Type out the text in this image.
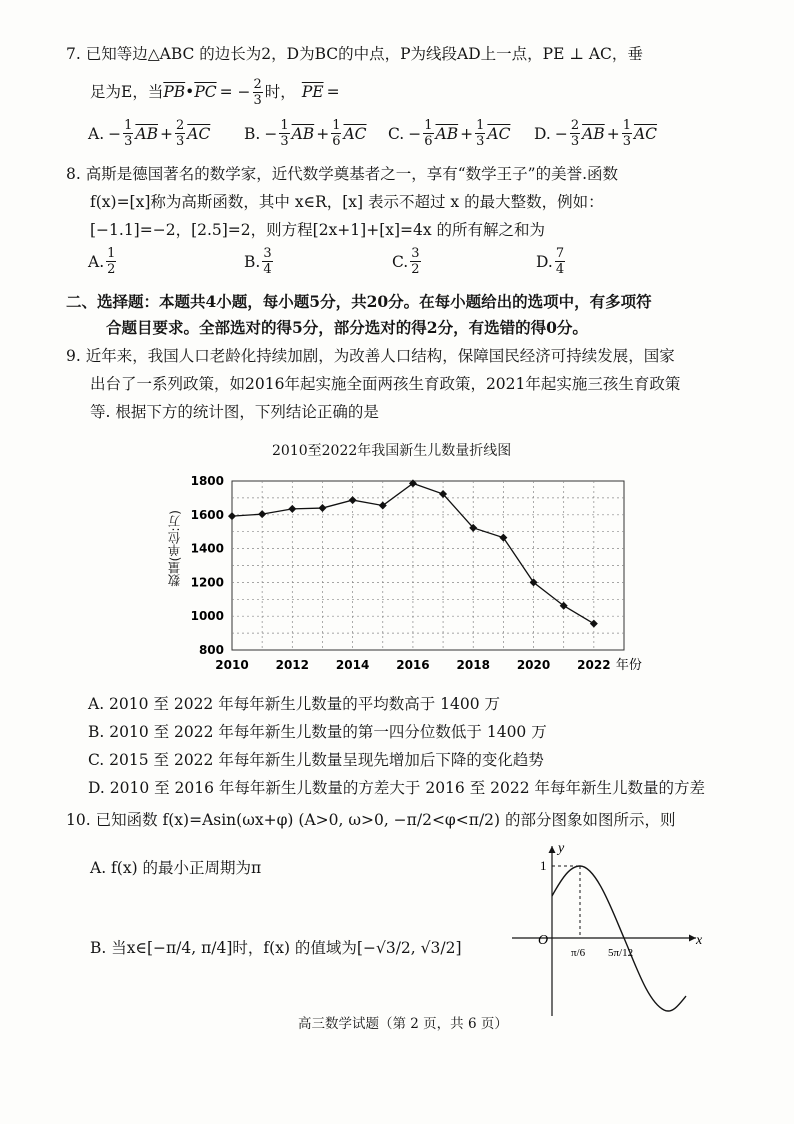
7. 已知等边△ABC 的边长为2，D为BC的中点，P为线段AD上一点，PE ⊥ AC，垂
足为E，当 $\overline{PB}$ • $\overline{PC}$ = − $\frac{2}{3}$ 时， $\overline{PE}$ =
A. − $\frac{1}{3} \overline{AB} + \frac{2}{3} \overline{AC}$ B. − $\frac{1}{3} \overline{AB} + \frac{1}{6} \overline{AC}$ C. − $\frac{1}{6} \overline{AB} + \frac{1}{3} \overline{AC}$ D. − $\frac{2}{3} \overline{AB} + \frac{1}{3} \overline{AC}$
8. 高斯是德国著名的数学家，近代数学奠基者之一，享有“数学王子”的美誉.函数
f(x)=[x]称为高斯函数，其中 x∈R，[x] 表示不超过 x 的最大整数，例如：
[−1.1]=−2，[2.5]=2，则方程[2x+1]+[x]=4x 的所有解之和为
A. 1
2	B. 3
4	C. 3
2	D. 7
4
二、选择题：本题共4小题，每小题5分，共20分。在每小题给出的选项中，有多项符
合题目要求。全部选对的得5分，部分选对的得2分，有选错的得0分。
9. 近年来，我国人口老龄化持续加剧，为改善人口结构，保障国民经济可持续发展，国家
出台了一系列政策，如2016年起实施全面两孩生育政策，2021年起实施三孩生育政策
等. 根据下方的统计图，下列结论正确的是
2010至2022年我国新生儿数量折线图
数量(单位:万)
800
1000
1200
1400
1600
1800
2010 2012 2014 2016 2018 2020 2022 年份
A. 2010 至 2022 年每年新生儿数量的平均数高于 1400 万
B. 2010 至 2022 年每年新生儿数量的第一四分位数低于 1400 万
C. 2015 至 2022 年每年新生儿数量呈现先增加后下降的变化趋势
D. 2010 至 2016 年每年新生儿数量的方差大于 2016 至 2022 年每年新生儿数量的方差
10. 已知函数 f(x)=Asin(ωx+φ) (A>0, ω>0, −π/2<φ<π/2) 的部分图象如图所示，则
A. f(x) 的最小正周期为π
B. 当x∈[−π/4, π/4]时，f(x) 的值域为[−√3/2, √3/2]
y
x
O
1
π/6 5π/12
高三数学试题（第 2 页，共 6 页）
